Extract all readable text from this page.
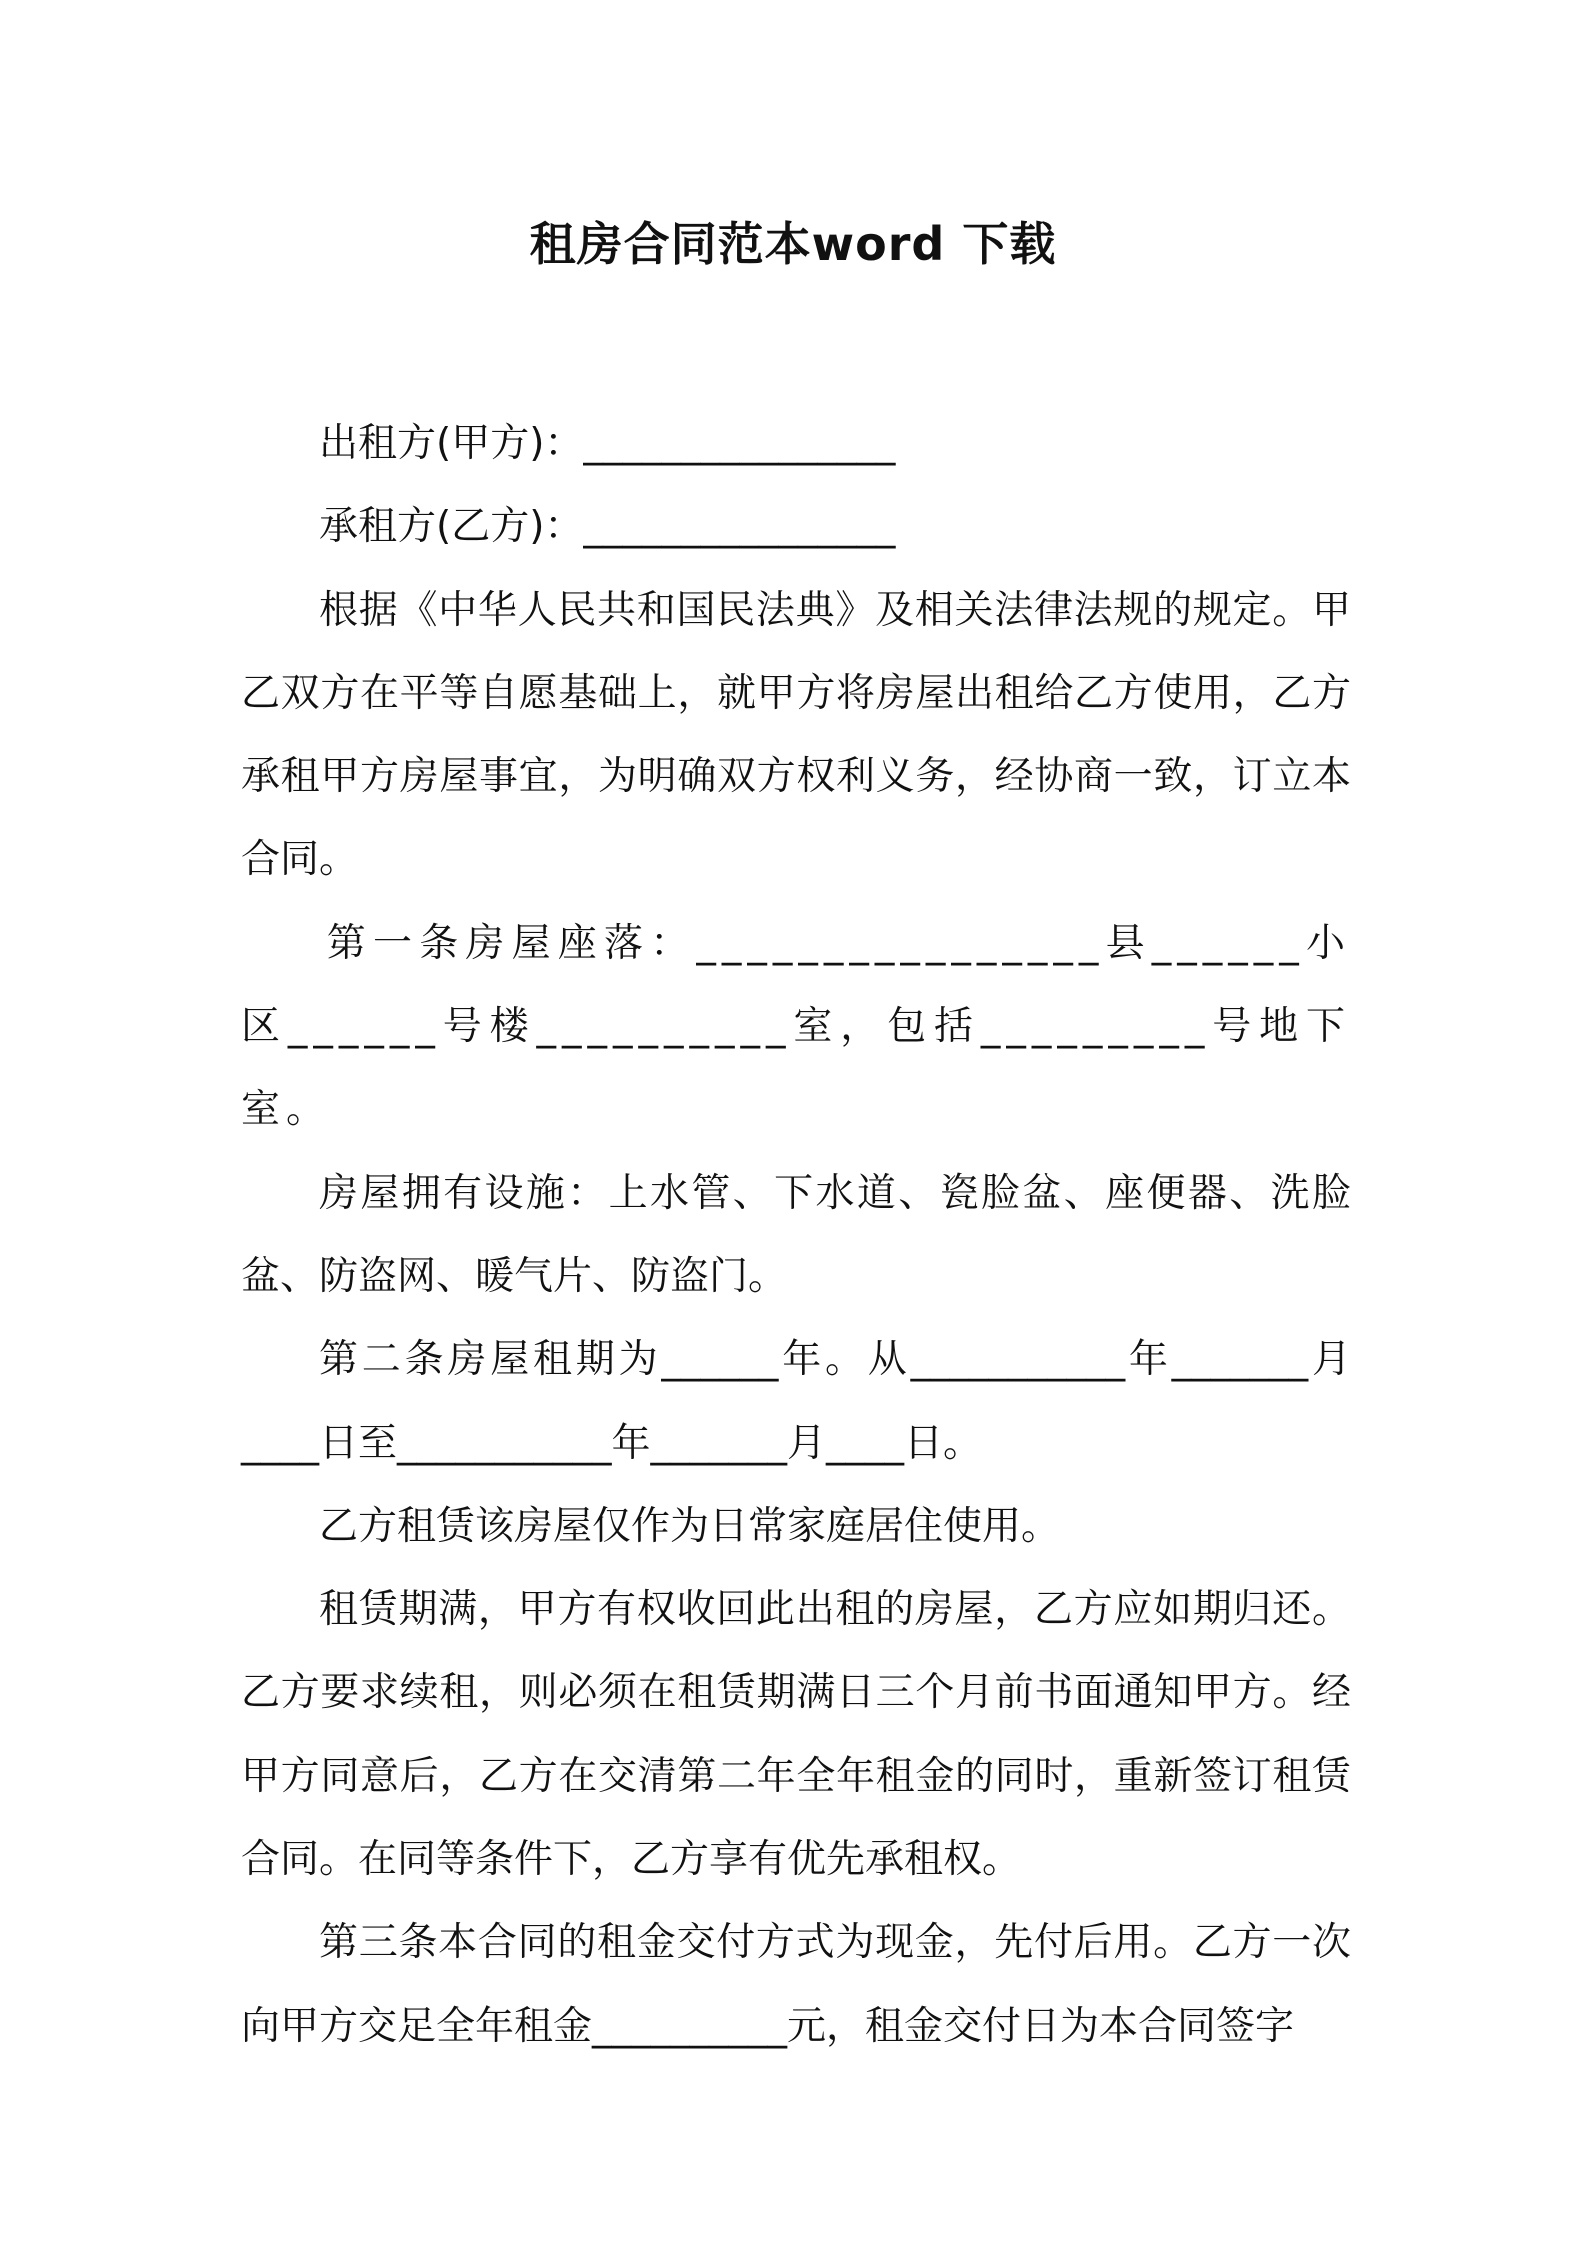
租房合同范本word 下载

出租方(甲方)：________________

承租方(乙方)：________________

根据《中华人民共和国民法典》及相关法律法规的规定。甲乙双方在平等自愿基础上，就甲方将房屋出租给乙方使用，乙方承租甲方房屋事宜，为明确双方权利义务，经协商一致，订立本合同。

第一条房屋座落：________________县______小区______号楼__________室，包括_________号地下室。

房屋拥有设施：上水管、下水道、瓷脸盆、座便器、洗脸盆、防盗网、暖气片、防盗门。

第二条房屋租期为______年。从___________年_______月____日至___________年_______月____日。

乙方租赁该房屋仅作为日常家庭居住使用。

租赁期满，甲方有权收回此出租的房屋，乙方应如期归还。乙方要求续租，则必须在租赁期满日三个月前书面通知甲方。经甲方同意后，乙方在交清第二年全年租金的同时，重新签订租赁合同。在同等条件下，乙方享有优先承租权。

第三条本合同的租金交付方式为现金，先付后用。乙方一次向甲方交足全年租金__________元，租金交付日为本合同签字
